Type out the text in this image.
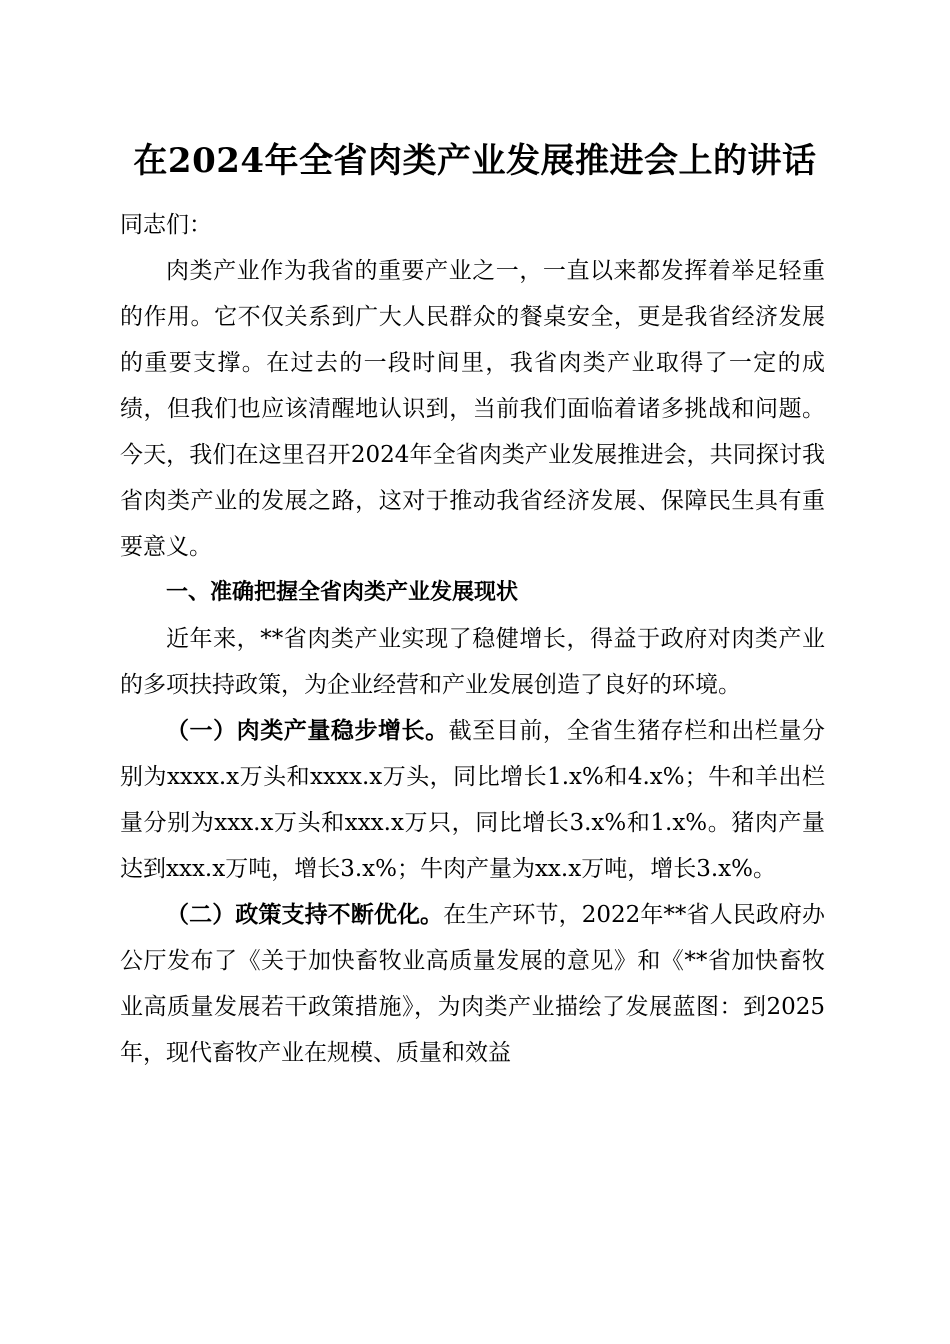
在2024年全省肉类产业发展推进会上的讲话

同志们：

肉类产业作为我省的重要产业之一，一直以来都发挥着举足轻重的作用。它不仅关系到广大人民群众的餐桌安全，更是我省经济发展的重要支撑。在过去的一段时间里，我省肉类产业取得了一定的成绩，但我们也应该清醒地认识到，当前我们面临着诸多挑战和问题。今天，我们在这里召开2024年全省肉类产业发展推进会，共同探讨我省肉类产业的发展之路，这对于推动我省经济发展、保障民生具有重要意义。

一、准确把握全省肉类产业发展现状

近年来，**省肉类产业实现了稳健增长，得益于政府对肉类产业的多项扶持政策，为企业经营和产业发展创造了良好的环境。

（一）肉类产量稳步增长。截至目前，全省生猪存栏和出栏量分别为xxxx.x万头和xxxx.x万头，同比增长1.x%和4.x%；牛和羊出栏量分别为xxx.x万头和xxx.x万只，同比增长3.x%和1.x%。猪肉产量达到xxx.x万吨，增长3.x%；牛肉产量为xx.x万吨，增长3.x%。

（二）政策支持不断优化。在生产环节，2022年**省人民政府办公厅发布了《关于加快畜牧业高质量发展的意见》和《**省加快畜牧业高质量发展若干政策措施》，为肉类产业描绘了发展蓝图：到2025年，现代畜牧产业在规模、质量和效益
